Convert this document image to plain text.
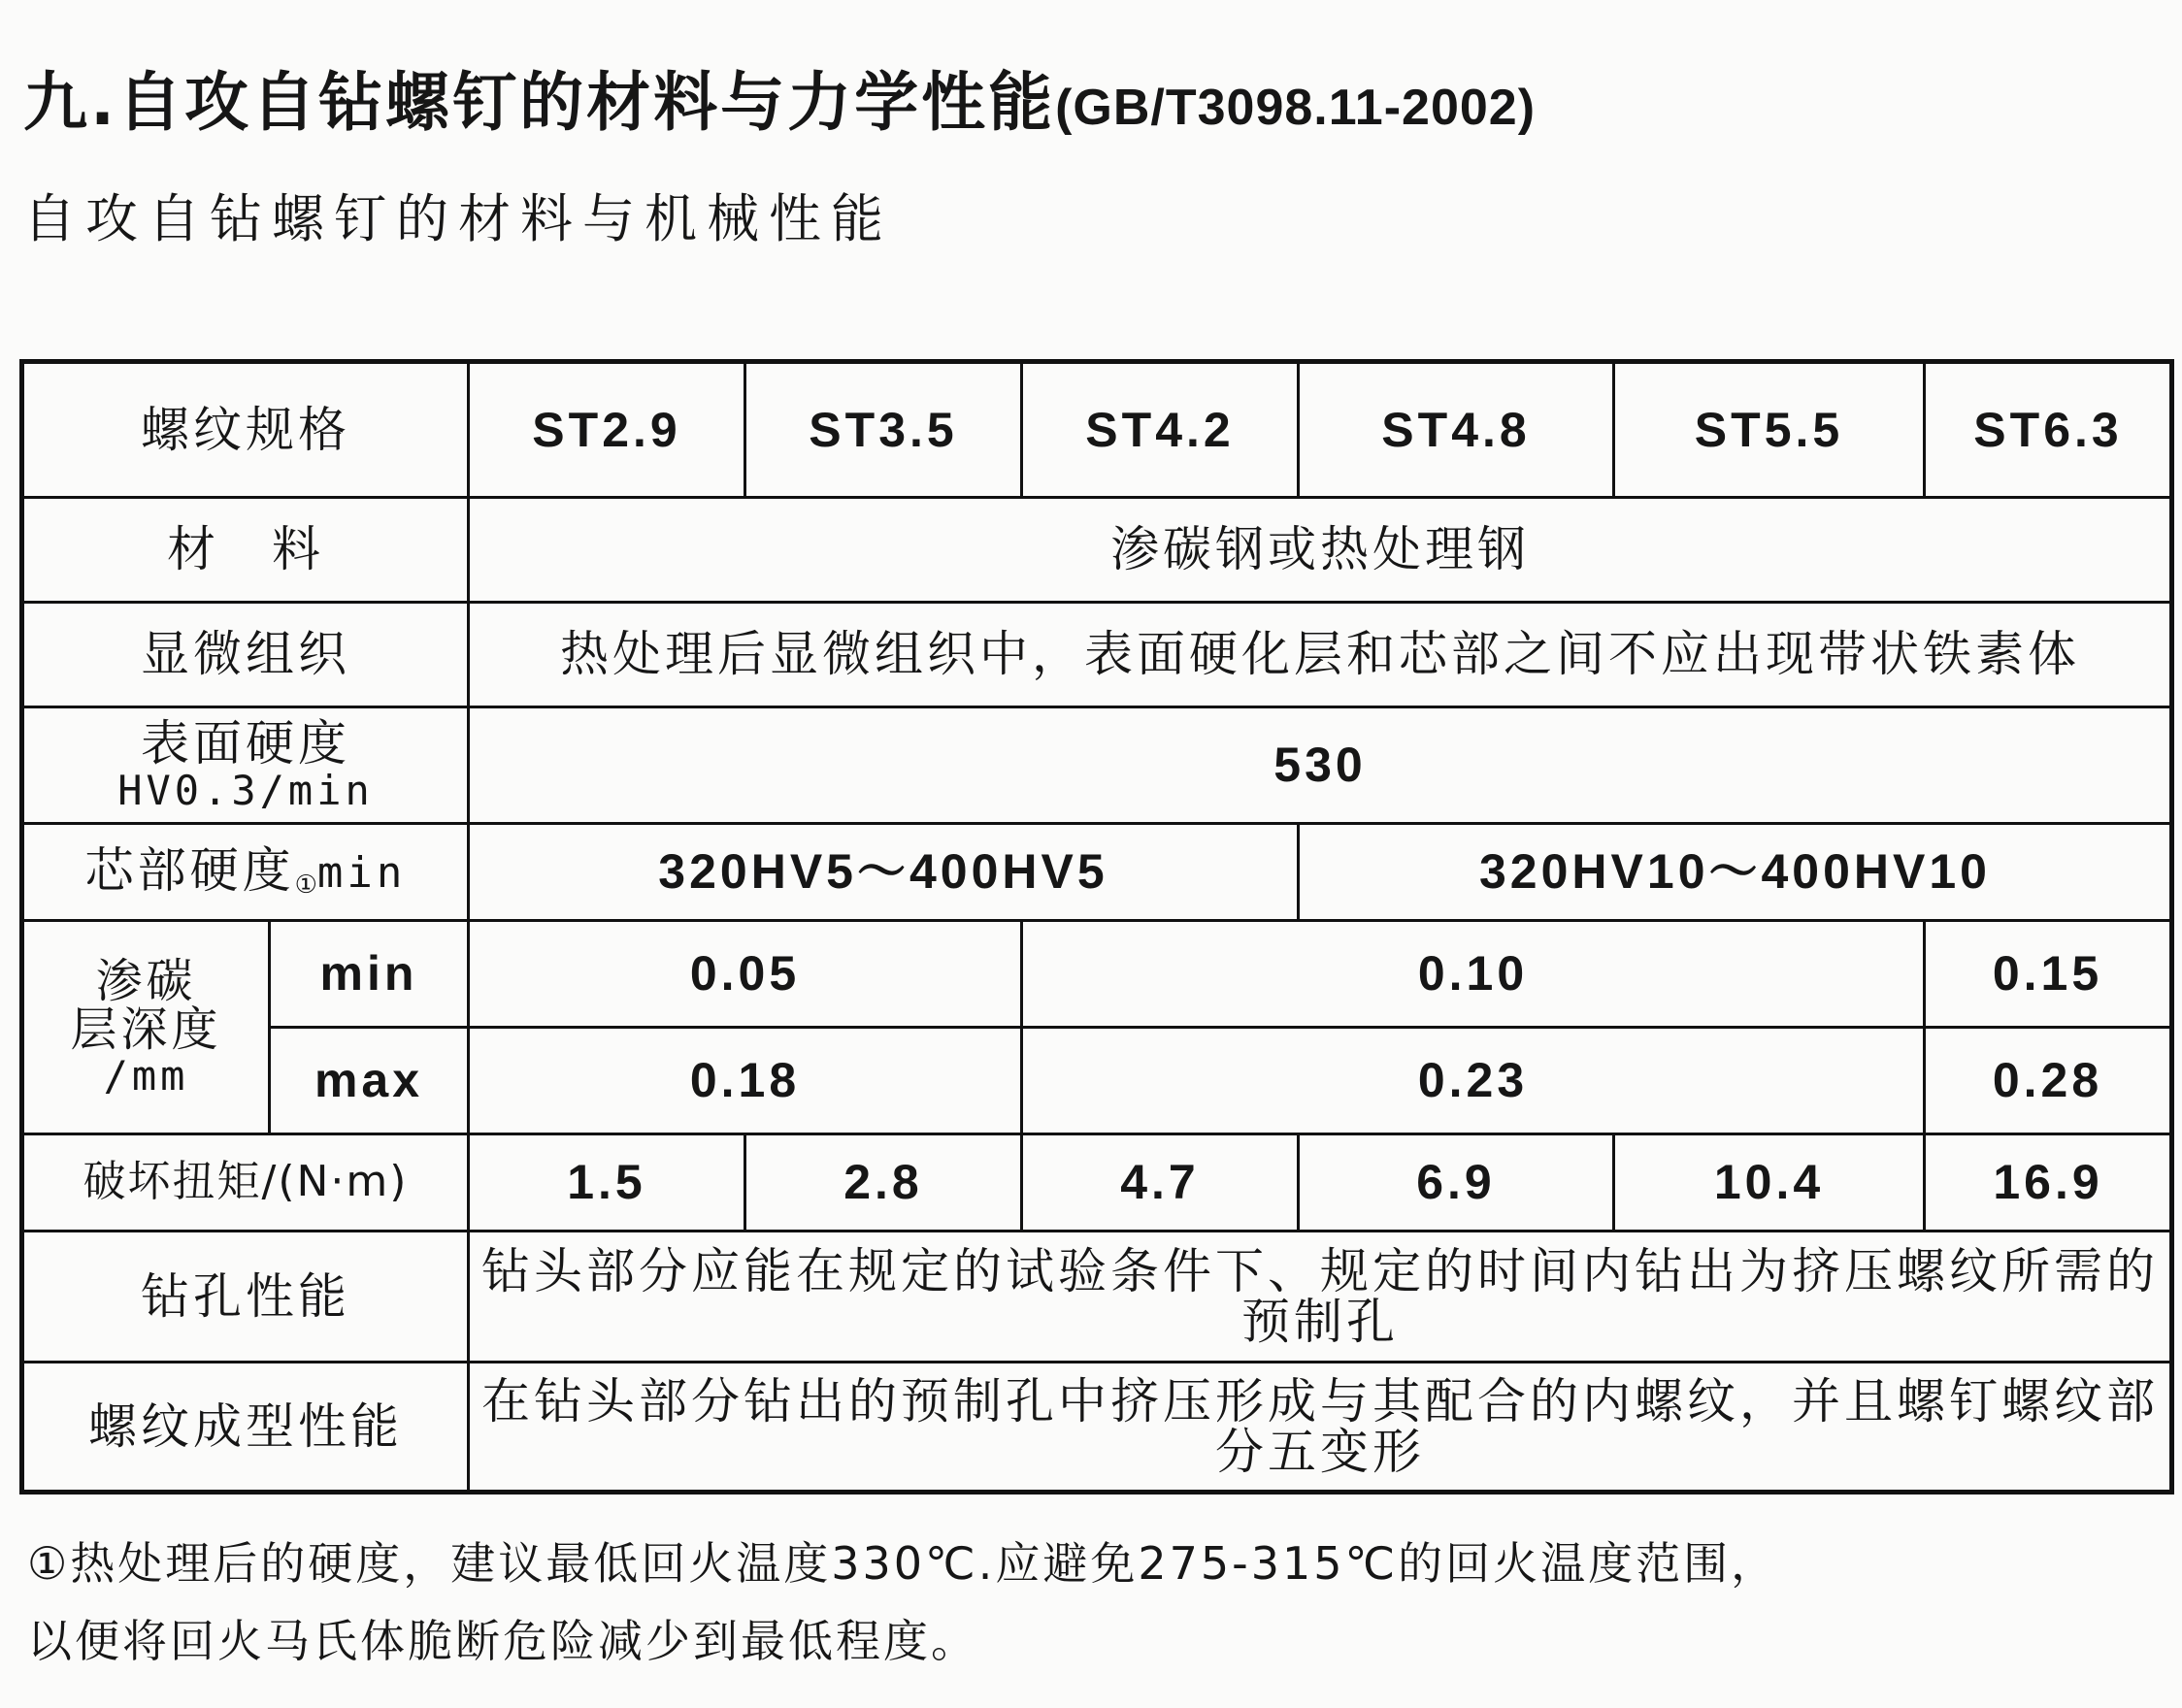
九.自攻自钻螺钉的材料与力学性能(GB/T3098.11-2002)
自攻自钻螺钉的材料与机械性能
螺纹规格		ST2.9	ST3.5	ST4.2	ST4.8	ST5.5	ST6.3
材　料		渗碳钢或热处理钢					
显微组织		热处理后显微组织中，表面硬化层和芯部之间不应出现带状铁素体					

表面硬度
HV0.3/min		530					
芯部硬度①min		320HV5～400HV5			320HV10～400HV10		

渗碳
层深度
/mm	min	0.05		0.10			0.15
	max	0.18		0.23			0.28
破坏扭矩/(N·m)		1.5	2.8	4.7	6.9	10.4	16.9
钻孔性能		钻头部分应能在规定的试验条件下、规定的时间内钻出为挤压螺纹所需的预制孔					
螺纹成型性能		在钻头部分钻出的预制孔中挤压形成与其配合的内螺纹，并且螺钉螺纹部分五变形					
①热处理后的硬度，建议最低回火温度330℃.应避免275-315℃的回火温度范围，
以便将回火马氏体脆断危险减少到最低程度。
